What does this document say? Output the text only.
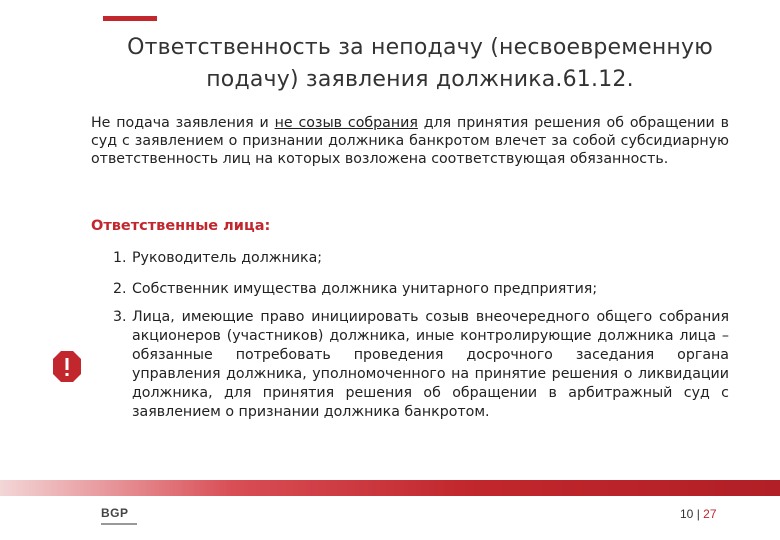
Ответственность за неподачу (несвоевременную подачу) заявления должника.61.12.
Не подача заявления и не созыв собрания для принятия решения об обращении в суд с заявлением о признании должника банкротом влечет за собой субсидиарную ответственность лиц на которых возложена соответствующая обязанность.
Ответственные лица:
1. Руководитель должника;
2. Собственник имущества должника унитарного предприятия;
3. Лица, имеющие право инициировать созыв внеочередного общего собрания акционеров (участников) должника, иные контролирующие должника лица – обязанные потребовать проведения досрочного заседания органа управления должника, уполномоченного на принятие решения о ликвидации должника, для принятия решения об обращении в арбитражный суд с заявлением о признании должника банкротом.
BGP	10 | 27
